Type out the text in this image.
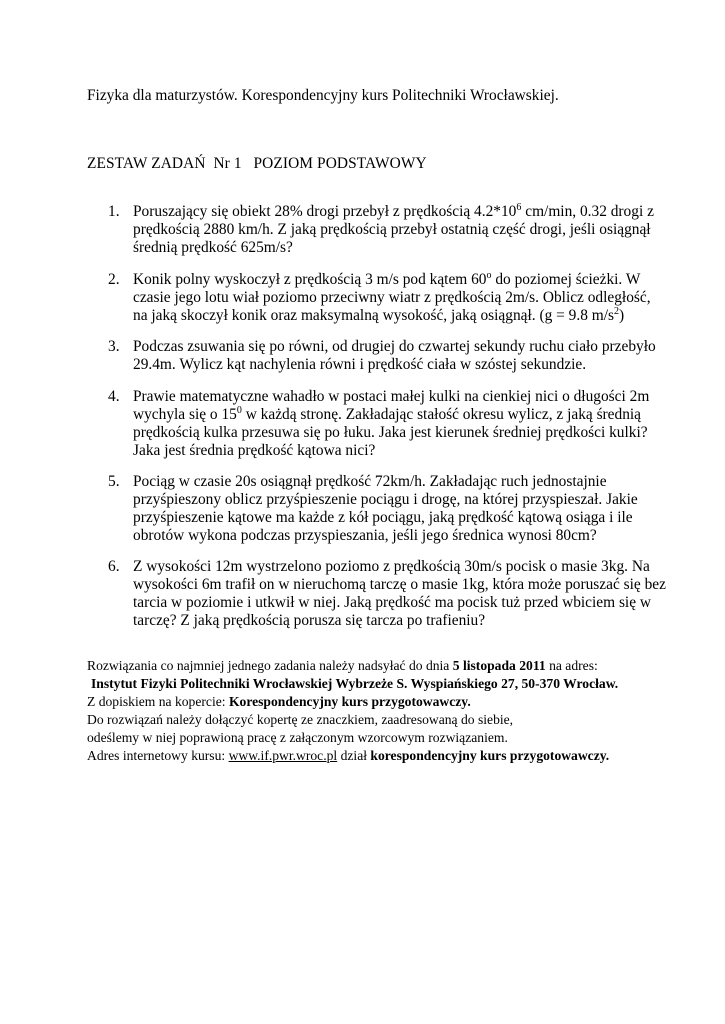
Fizyka dla maturzystów. Korespondencyjny kurs Politechniki Wrocławskiej.
ZESTAW ZADAŃ  Nr 1   POZIOM PODSTAWOWY
1. Poruszający się obiekt 28% drogi przebył z prędkością $4.2*10^6$ cm/min, 0.32 drogi z
prędkością 2880 km/h. Z jaką prędkością przebył ostatnią część drogi, jeśli osiągnął
średnią prędkość 625m/s?
2. Konik polny wyskoczył z prędkością 3 m/s pod kątem 60$^o$ do poziomej ścieżki. W
czasie jego lotu wiał poziomo przeciwny wiatr z prędkością 2m/s. Oblicz odległość,
na jaką skoczył konik oraz maksymalną wysokość, jaką osiągnął. (g = 9.8 $m/s^2$)
3. Podczas zsuwania się po równi, od drugiej do czwartej sekundy ruchu ciało przebyło
29.4m. Wylicz kąt nachylenia równi i prędkość ciała w szóstej sekundzie.
4. Prawie matematyczne wahadło w postaci małej kulki na cienkiej nici o długości 2m
wychyla się o $15^0$ w każdą stronę. Zakładając stałość okresu wylicz, z jaką średnią
prędkością kulka przesuwa się po łuku. Jaka jest kierunek średniej prędkości kulki?
Jaka jest średnia prędkość kątowa nici?
5. Pociąg w czasie 20s osiągnął prędkość 72km/h. Zakładając ruch jednostajnie
przyśpieszony oblicz przyśpieszenie pociągu i drogę, na której przyspieszał. Jakie
przyśpieszenie kątowe ma każde z kół pociągu, jaką prędkość kątową osiąga i ile
obrotów wykona podczas przyspieszania, jeśli jego średnica wynosi 80cm?
6. Z wysokości 12m wystrzelono poziomo z prędkością 30m/s pocisk o masie 3kg. Na
wysokości 6m trafił on w nieruchomą tarczę o masie 1kg, która może poruszać się bez
tarcia w poziomie i utkwił w niej. Jaką prędkość ma pocisk tuż przed wbiciem się w
tarczę? Z jaką prędkością porusza się tarcza po trafieniu?
Rozwiązania co najmniej jednego zadania należy nadsyłać do dnia 5 listopada 2011 na adres:
Instytut Fizyki Politechniki Wrocławskiej Wybrzeże S. Wyspiańskiego 27, 50-370 Wrocław.
Z dopiskiem na kopercie: Korespondencyjny kurs przygotowawczy.
Do rozwiązań należy dołączyć kopertę ze znaczkiem, zaadresowaną do siebie,
odeślemy w niej poprawioną pracę z załączonym wzorcowym rozwiązaniem.
Adres internetowy kursu: www.if.pwr.wroc.pl dział korespondencyjny kurs przygotowawczy.
